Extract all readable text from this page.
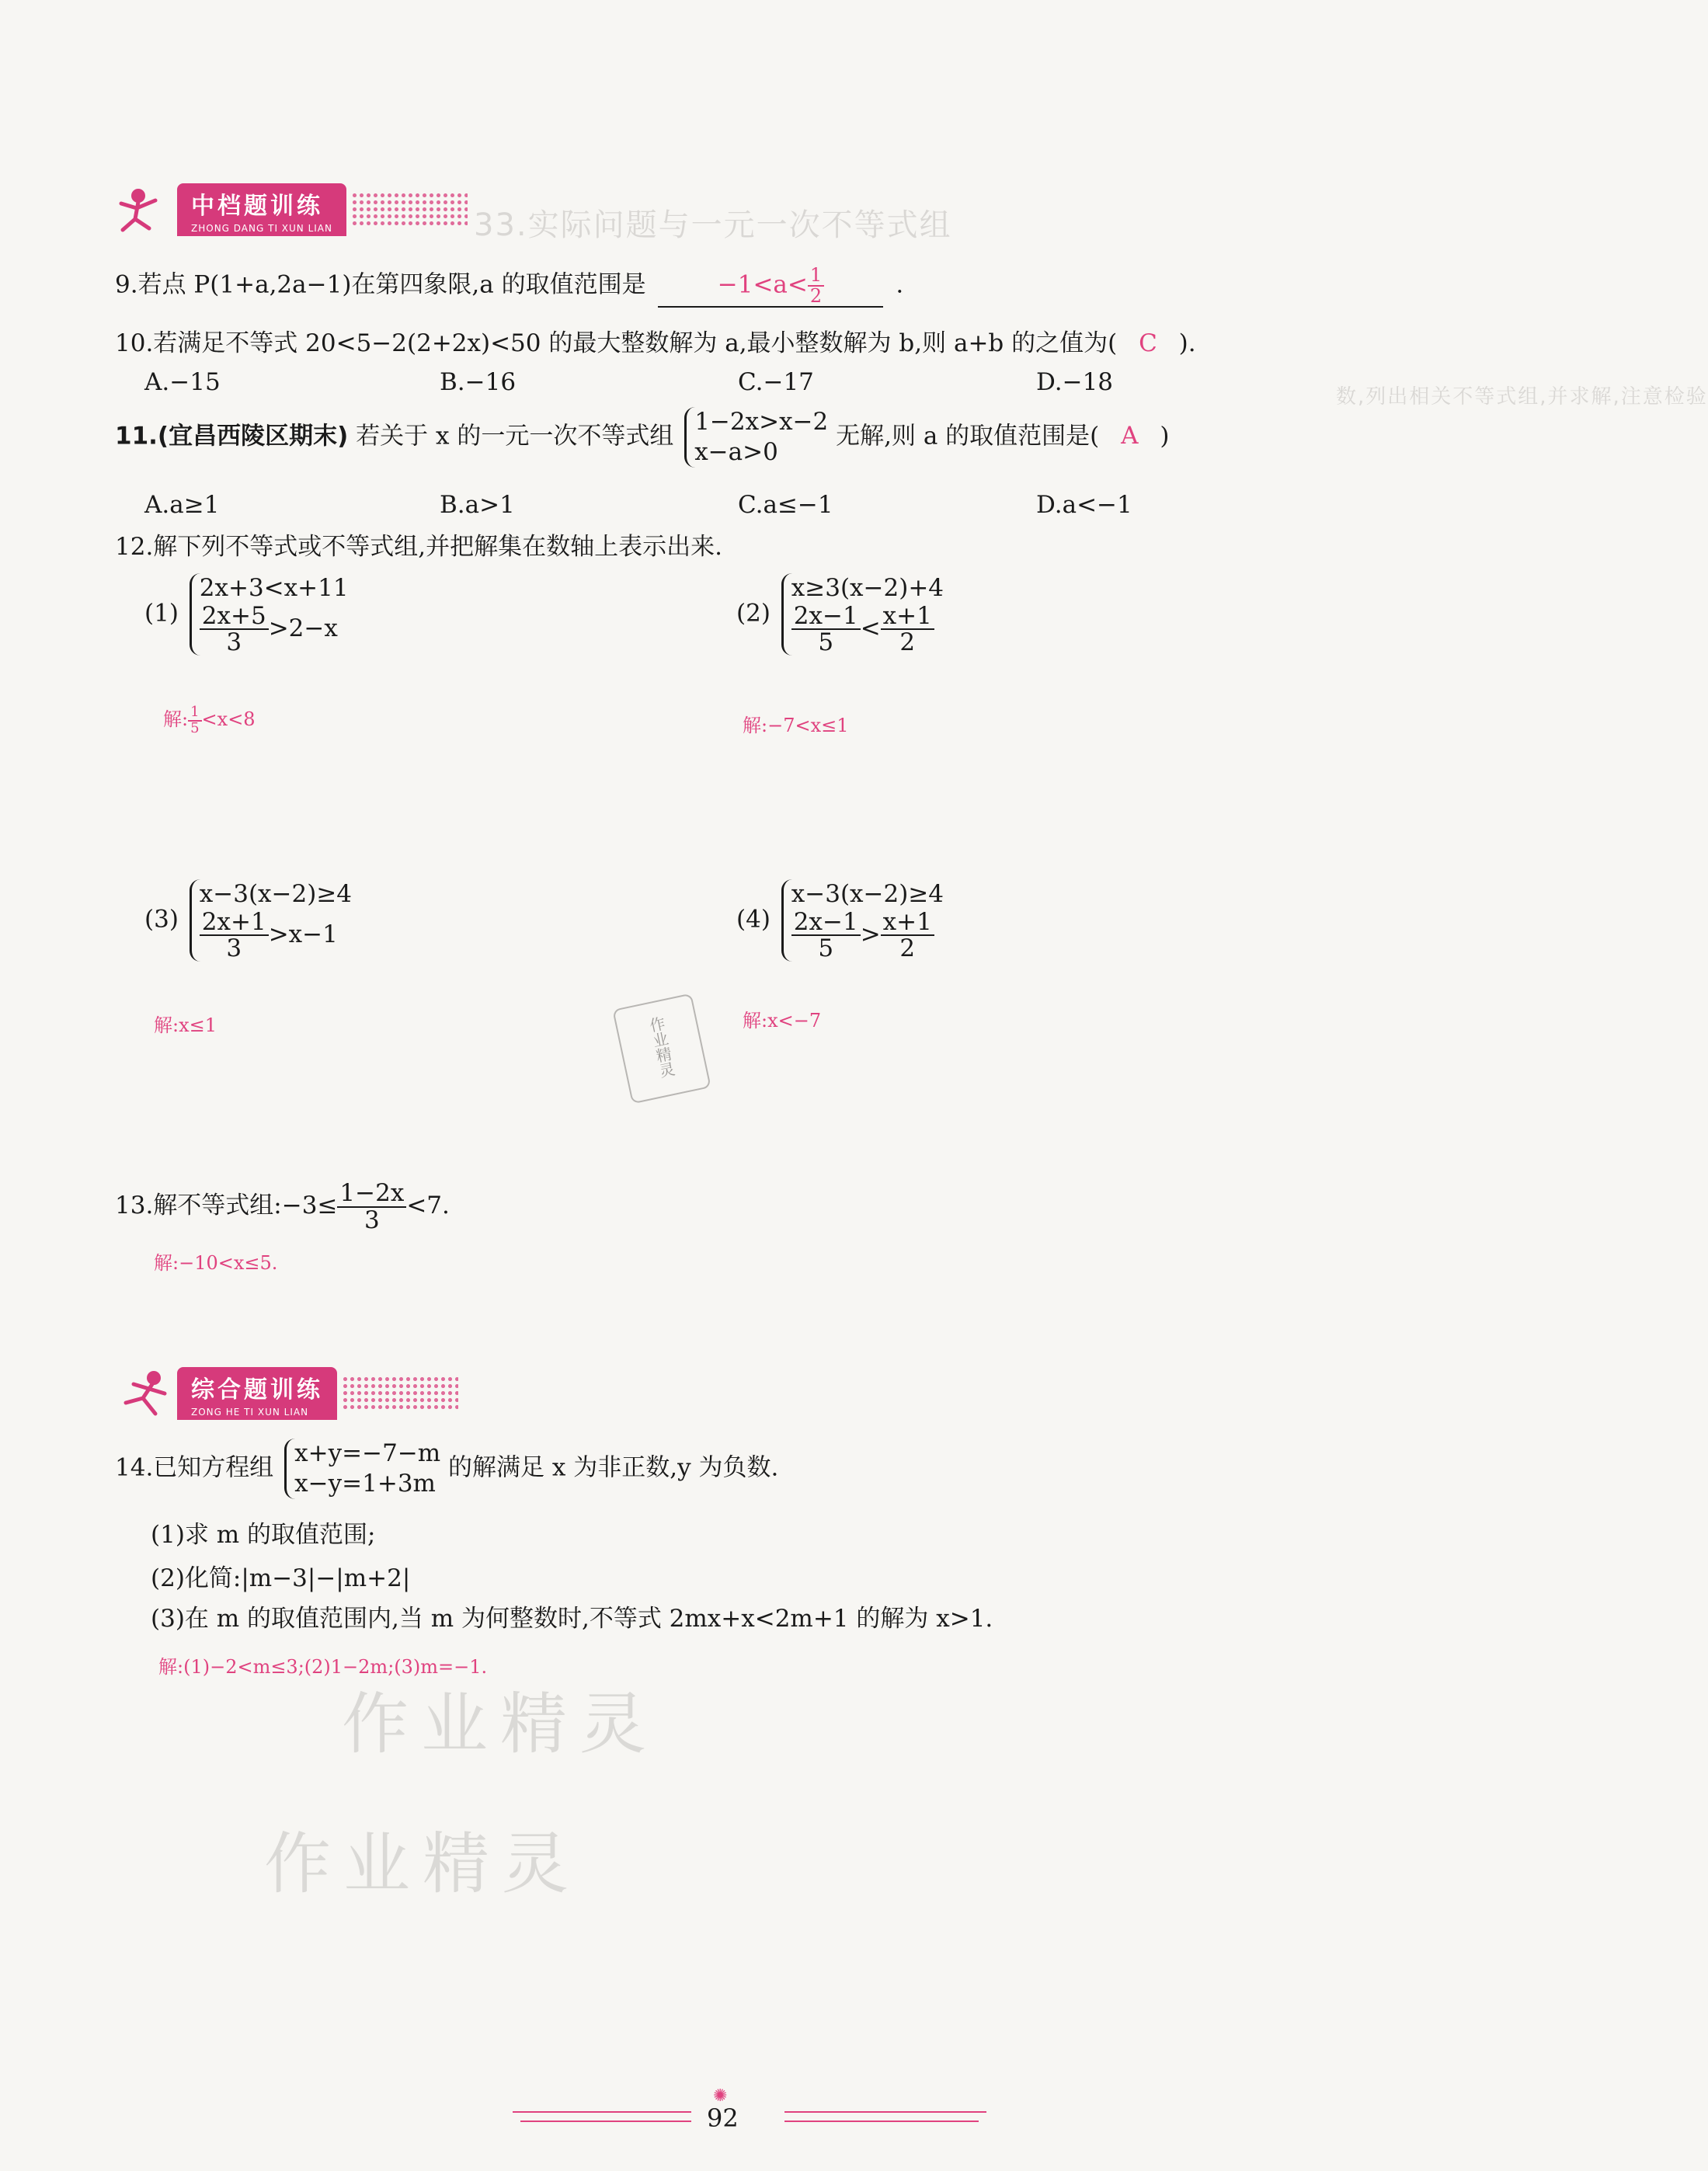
33.实际问题与一元一次不等式组
数,列出相关不等式组,并求解,注意检验
中档题训练
ZHONG DANG TI XUN LIAN
9.若点 P(1+a,2a−1)在第四象限,a 的取值范围是	$-1<a< \frac{1}{2}$	.
10.若满足不等式 20<5−2(2+2x)<50 的最大整数解为 a,最小整数解为 b,则 a+b 的之值为( C ).
A.−15	B.−16	C.−17	D.−18
11.(宜昌西陵区期末) 若关于 x 的一元一次不等式组
1−2x>x−2
x−a>0
无解,则 a 的取值范围是( A )
A.a≥1	B.a>1	C.a≤−1	D.a<−1
12.解下列不等式或不等式组,并把解集在数轴上表示出来.
(1)
2x+3<x+11
$\frac{2x+5}{3} >2-x$
解: $\frac{1}{5} <x<8$
(2)
x≥3(x−2)+4
$\frac{2x-1}{5} < \frac{x+1}{2}$
解:−7<x≤1
(3)
x−3(x−2)≥4
$\frac{2x+1}{3} >x-1$
解:x≤1
(4)
x−3(x−2)≥4
$\frac{2x-1}{5} > \frac{x+1}{2}$
解:x<−7
作业精灵
13.解不等式组:−3≤ $\frac{1-2x}{3} <7$.
解:−10<x≤5.
综合题训练
ZONG HE TI XUN LIAN
14.已知方程组
x+y=−7−m
x−y=1+3m
的解满足 x 为非正数,y 为负数.
(1)求 m 的取值范围;
(2)化简:|m−3|−|m+2|
(3)在 m 的取值范围内,当 m 为何整数时,不等式 2mx+x<2m+1 的解为 x>1.
解:(1)−2<m≤3;(2)1−2m;(3)m=−1.
作业精灵
作业精灵
✺
92
